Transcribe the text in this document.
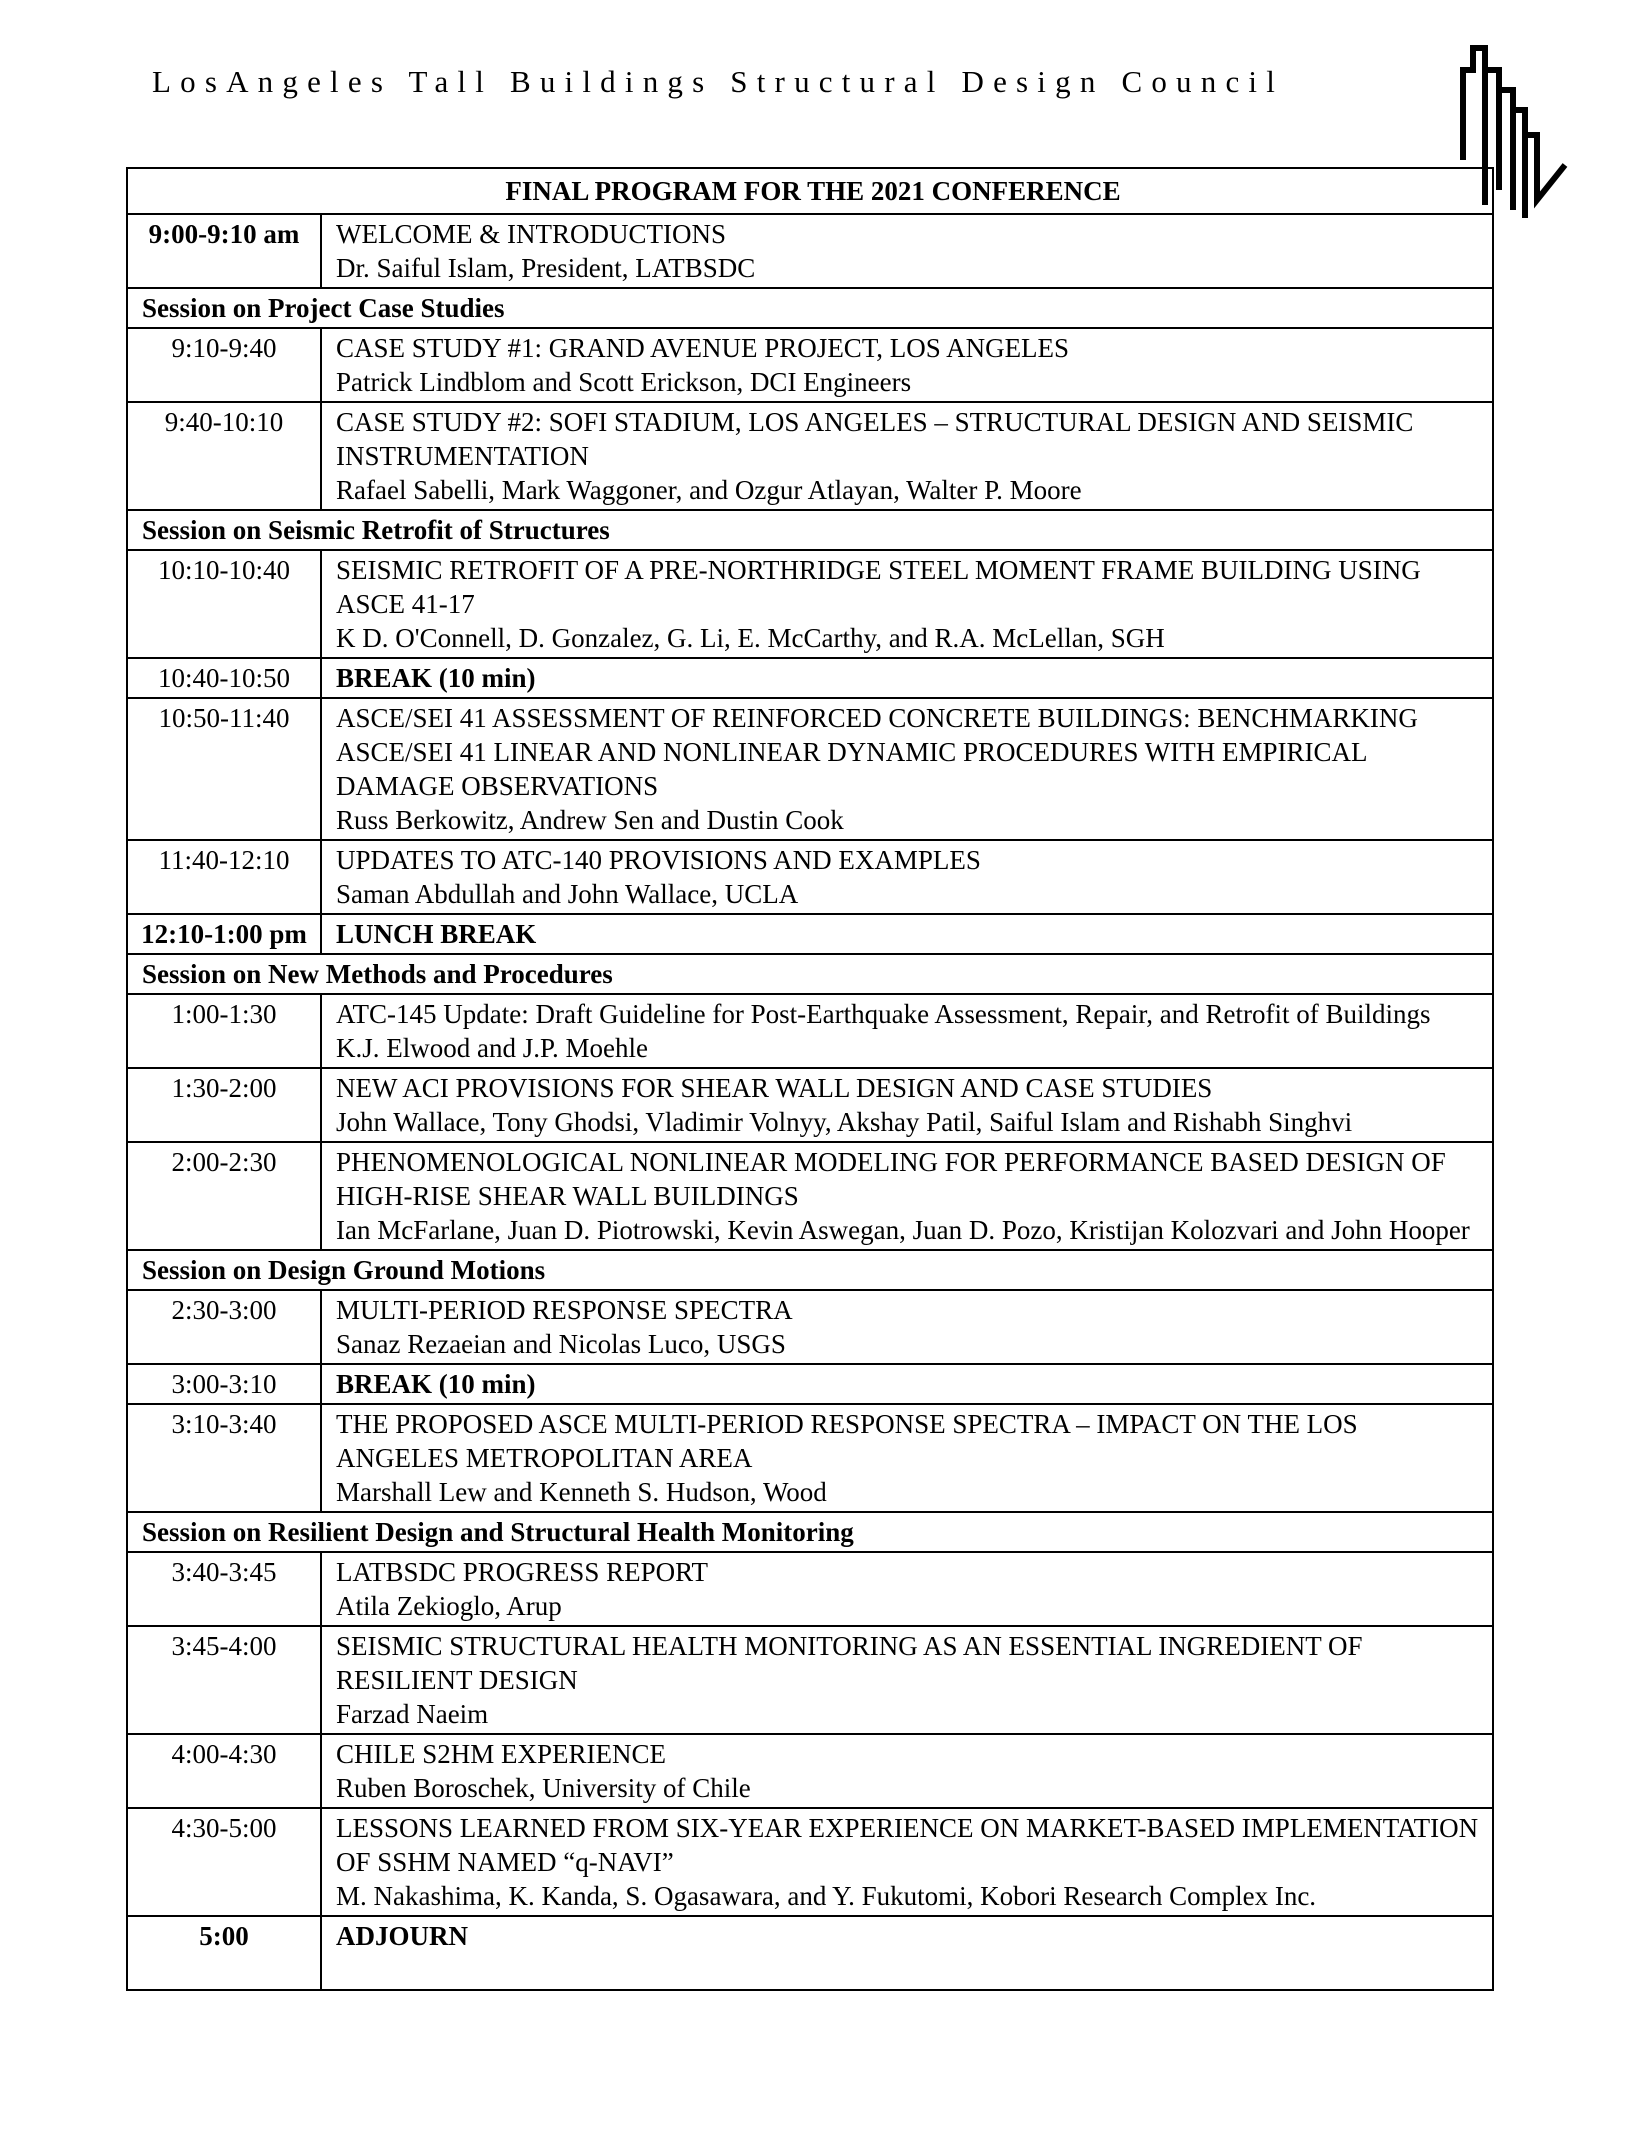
LosAngeles Tall Buildings Structural Design Council
FINAL PROGRAM FOR THE 2021 CONFERENCE	
9:00-9:10 am	WELCOME & INTRODUCTIONS
Dr. Saiful Islam, President, LATBSDC

Session on Project Case Studies	
9:10-9:40	CASE STUDY #1: GRAND AVENUE PROJECT, LOS ANGELES
Patrick Lindblom and Scott Erickson, DCI Engineers

9:40-10:10	CASE STUDY #2: SOFI STADIUM, LOS ANGELES – STRUCTURAL DESIGN AND SEISMIC INSTRUMENTATION
Rafael Sabelli, Mark Waggoner, and Ozgur Atlayan, Walter P. Moore

Session on Seismic Retrofit of Structures	
10:10-10:40	SEISMIC RETROFIT OF A PRE-NORTHRIDGE STEEL MOMENT FRAME BUILDING USING ASCE 41-17
K D. O'Connell, D. Gonzalez, G. Li, E. McCarthy, and R.A. McLellan, SGH

10:40-10:50	BREAK (10 min)

10:50-11:40	ASCE/SEI 41 ASSESSMENT OF REINFORCED CONCRETE BUILDINGS: BENCHMARKING ASCE/SEI 41 LINEAR AND NONLINEAR DYNAMIC PROCEDURES WITH EMPIRICAL DAMAGE OBSERVATIONS
Russ Berkowitz, Andrew Sen and Dustin Cook

11:40-12:10	UPDATES TO ATC-140 PROVISIONS AND EXAMPLES
Saman Abdullah and John Wallace, UCLA

12:10-1:00 pm	LUNCH BREAK

Session on New Methods and Procedures	
1:00-1:30	ATC-145 Update: Draft Guideline for Post-Earthquake Assessment, Repair, and Retrofit of Buildings
K.J. Elwood and J.P. Moehle

1:30-2:00	NEW ACI PROVISIONS FOR SHEAR WALL DESIGN AND CASE STUDIES
John Wallace, Tony Ghodsi, Vladimir Volnyy, Akshay Patil, Saiful Islam and Rishabh Singhvi

2:00-2:30	PHENOMENOLOGICAL NONLINEAR MODELING FOR PERFORMANCE BASED DESIGN OF HIGH-RISE SHEAR WALL BUILDINGS
Ian McFarlane, Juan D. Piotrowski, Kevin Aswegan, Juan D. Pozo, Kristijan Kolozvari and John Hooper

Session on Design Ground Motions	
2:30-3:00	MULTI-PERIOD RESPONSE SPECTRA
Sanaz Rezaeian and Nicolas Luco, USGS

3:00-3:10	BREAK (10 min)

3:10-3:40	THE PROPOSED ASCE MULTI-PERIOD RESPONSE SPECTRA – IMPACT ON THE LOS ANGELES METROPOLITAN AREA
Marshall Lew and Kenneth S. Hudson, Wood

Session on Resilient Design and Structural Health Monitoring	
3:40-3:45	LATBSDC PROGRESS REPORT
Atila Zekioglo, Arup

3:45-4:00	SEISMIC STRUCTURAL HEALTH MONITORING AS AN ESSENTIAL INGREDIENT OF RESILIENT DESIGN
Farzad Naeim

4:00-4:30	CHILE S2HM EXPERIENCE
Ruben Boroschek, University of Chile

4:30-5:00	LESSONS LEARNED FROM SIX-YEAR EXPERIENCE ON MARKET-BASED IMPLEMENTATION OF SSHM NAMED “q-NAVI”
M. Nakashima, K. Kanda, S. Ogasawara, and Y. Fukutomi, Kobori Research Complex Inc.

5:00	ADJOURN
